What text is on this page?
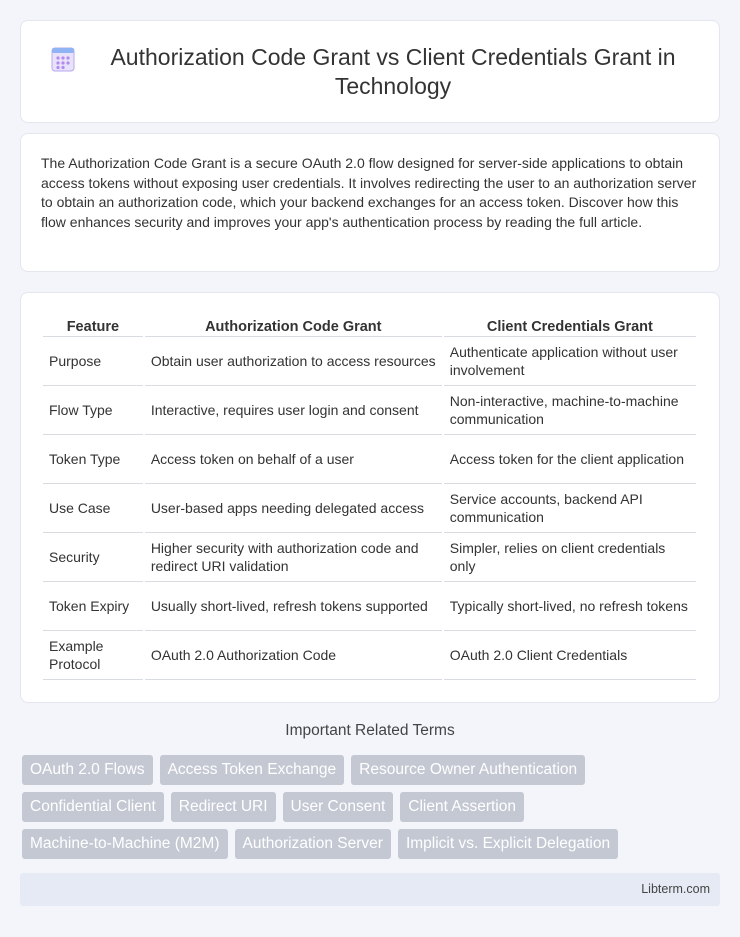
Authorization Code Grant vs Client Credentials Grant in Technology

The Authorization Code Grant is a secure OAuth 2.0 flow designed for server-side applications to obtain access tokens without exposing user credentials. It involves redirecting the user to an authorization server to obtain an authorization code, which your backend exchanges for an access token. Discover how this flow enhances security and improves your app's authentication process by reading the full article.

Feature	Authorization Code Grant	Client Credentials Grant
Purpose	Obtain user authorization to access resources	Authenticate application without user involvement
Flow Type	Interactive, requires user login and consent	Non-interactive, machine-to-machine communication
Token Type	Access token on behalf of a user	Access token for the client application
Use Case	User-based apps needing delegated access	Service accounts, backend API communication
Security	Higher security with authorization code and redirect URI validation	Simpler, relies on client credentials only
Token Expiry	Usually short-lived, refresh tokens supported	Typically short-lived, no refresh tokens
Example Protocol	OAuth 2.0 Authorization Code	OAuth 2.0 Client Credentials
Important Related Terms
OAuth 2.0 Flows	Access Token Exchange	Resource Owner Authentication
Confidential Client	Redirect URI	User Consent	Client Assertion
Machine-to-Machine (M2M)	Authorization Server	Implicit vs. Explicit Delegation
Libterm.com
